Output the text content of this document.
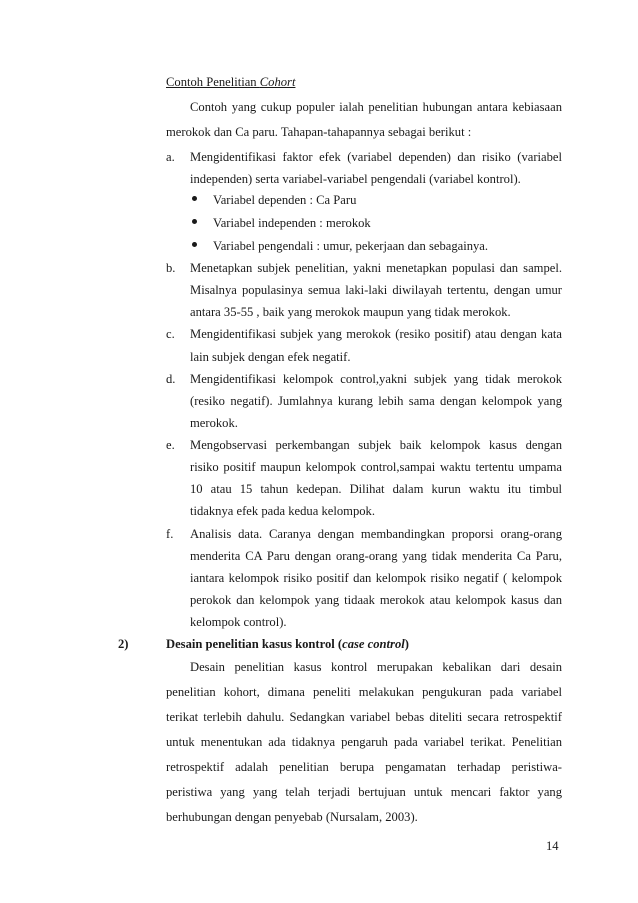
Contoh Penelitian Cohort
Contoh yang cukup populer ialah penelitian hubungan antara kebiasaan
merokok dan Ca paru. Tahapan-tahapannya sebagai berikut :
a. Mengidentifikasi faktor efek (variabel dependen) dan risiko (variabel
independen) serta variabel-variabel pengendali (variabel kontrol).
Variabel dependen : Ca Paru
Variabel independen : merokok
Variabel pengendali : umur, pekerjaan dan sebagainya.
b. Menetapkan subjek penelitian, yakni menetapkan populasi dan sampel.
Misalnya populasinya semua laki-laki diwilayah tertentu, dengan umur
antara 35-55 , baik yang merokok maupun yang tidak merokok.
c. Mengidentifikasi subjek yang merokok (resiko positif) atau dengan kata
lain subjek dengan efek negatif.
d. Mengidentifikasi kelompok control,yakni subjek yang tidak merokok
(resiko negatif). Jumlahnya kurang lebih sama dengan kelompok yang
merokok.
e. Mengobservasi perkembangan subjek baik kelompok kasus dengan
risiko positif maupun kelompok control,sampai waktu tertentu umpama
10 atau 15 tahun kedepan. Dilihat dalam kurun waktu itu timbul
tidaknya efek pada kedua kelompok.
f. Analisis data. Caranya dengan membandingkan proporsi orang-orang
menderita CA Paru dengan orang-orang yang tidak menderita Ca Paru,
iantara kelompok risiko positif dan kelompok risiko negatif ( kelompok
perokok dan kelompok yang tidaak merokok atau kelompok kasus dan
kelompok control).
2)	Desain penelitian kasus kontrol (case control)
Desain penelitian kasus kontrol merupakan kebalikan dari desain
penelitian kohort, dimana peneliti melakukan pengukuran pada variabel
terikat terlebih dahulu. Sedangkan variabel bebas diteliti secara retrospektif
untuk menentukan ada tidaknya pengaruh pada variabel terikat. Penelitian
retrospektif adalah penelitian berupa pengamatan terhadap peristiwa-
peristiwa yang yang telah terjadi bertujuan untuk mencari faktor yang
berhubungan dengan penyebab (Nursalam, 2003).
14
